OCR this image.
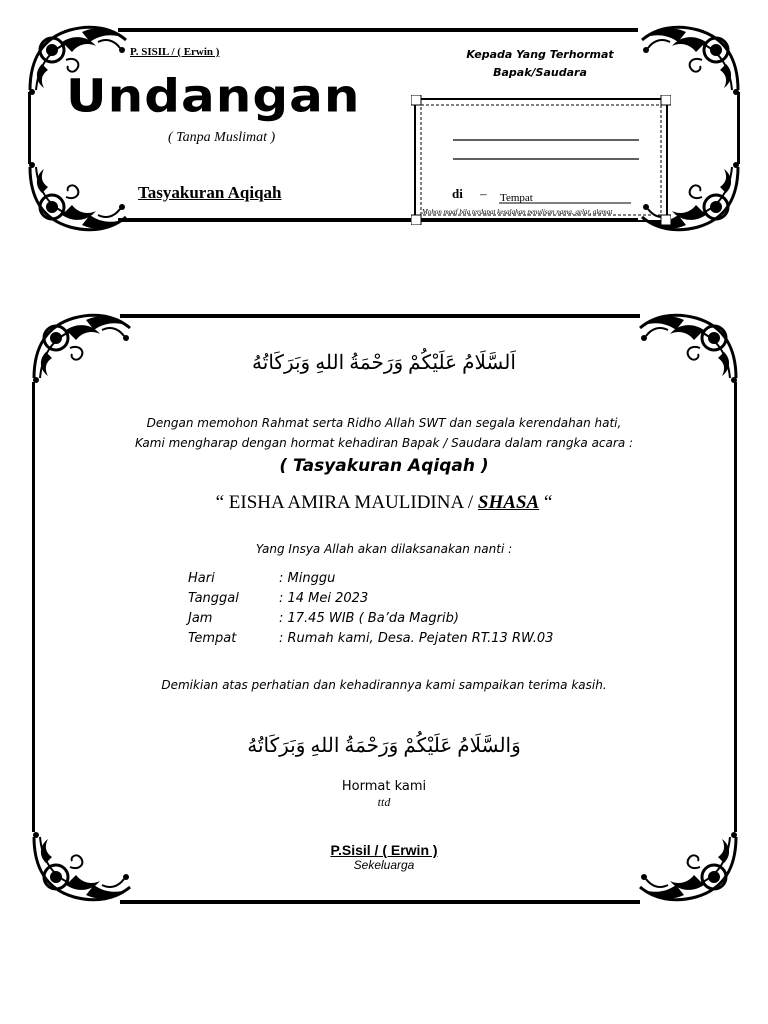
P. SISIL / ( Erwin )
Undangan
( Tanpa Muslimat )
Tasyakuran Aqiqah
Kepada Yang Terhormat
Bapak/Saudara
di – Tempat
Mohon maaf bila terdapat kesalahan penulisan nama, gelar, alamat
اَلسَّلَامُ عَلَيْكُمْ وَرَحْمَةُ اللهِ وَبَرَكَاتُهُ
Dengan memohon Rahmat serta Ridho Allah SWT dan segala kerendahan hati,
Kami mengharap dengan hormat kehadiran Bapak / Saudara dalam rangka acara :
( Tasyakuran Aqiqah )
“ EISHA AMIRA MAULIDINA / SHASA “
Yang Insya Allah akan dilaksanakan nanti :
Hari	: Minggu
Tanggal	: 14 Mei 2023
Jam	: 17.45 WIB ( Ba’da Magrib)
Tempat	: Rumah kami, Desa. Pejaten RT.13 RW.03
Demikian atas perhatian dan kehadirannya kami sampaikan terima kasih.
وَالسَّلَامُ عَلَيْكُمْ وَرَحْمَةُ اللهِ وَبَرَكَاتُهُ
Hormat kami
ttd
P.Sisil / ( Erwin )
Sekeluarga
